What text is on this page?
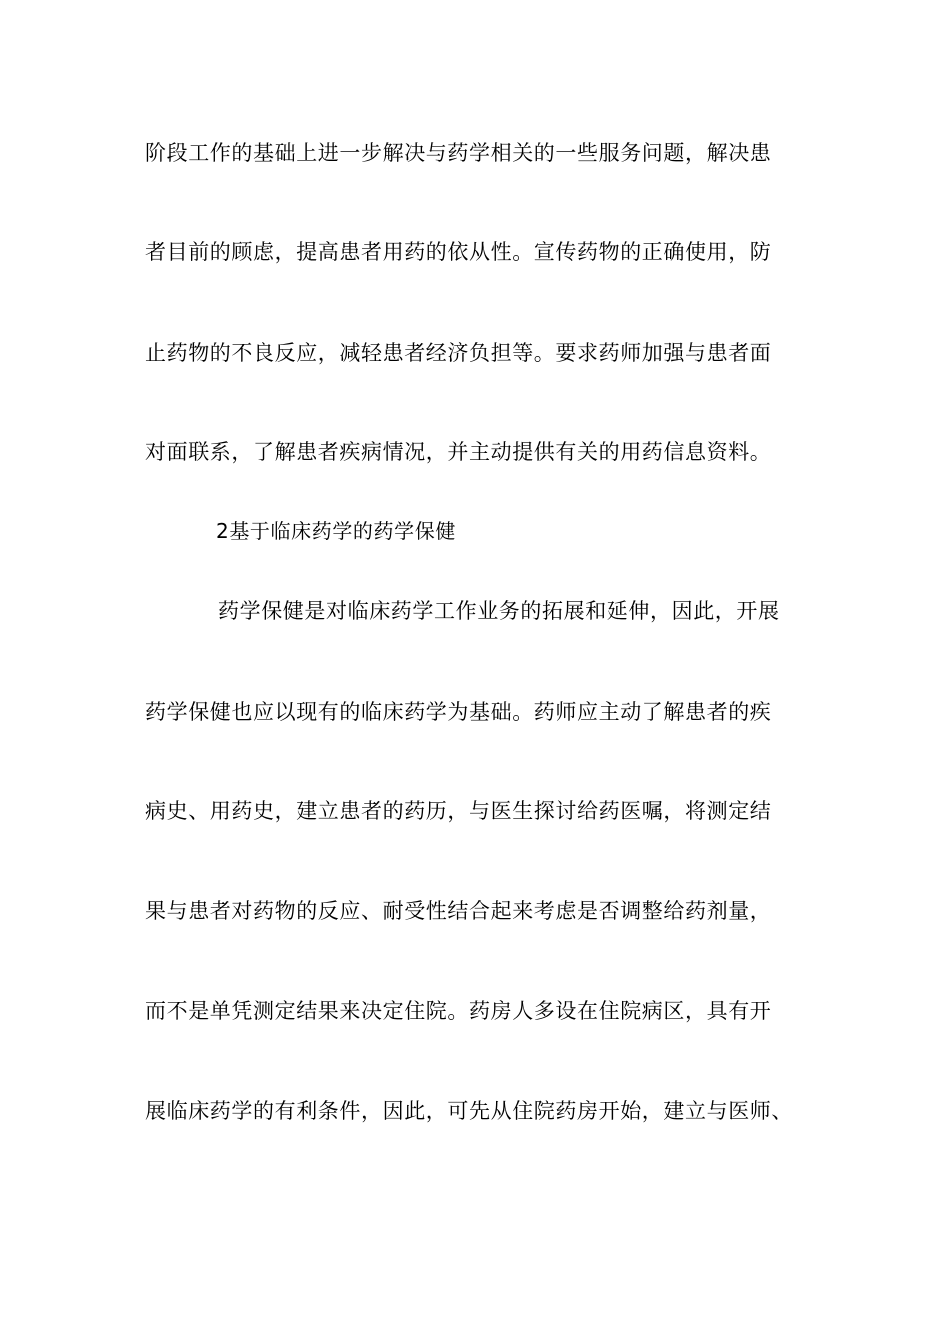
阶段工作的基础上进一步解决与药学相关的一些服务问题，解决患
者目前的顾虑，提高患者用药的依从性。宣传药物的正确使用，防
止药物的不良反应，减轻患者经济负担等。要求药师加强与患者面
对面联系，了解患者疾病情况，并主动提供有关的用药信息资料。
2基于临床药学的药学保健
药学保健是对临床药学工作业务的拓展和延伸，因此，开展
药学保健也应以现有的临床药学为基础。药师应主动了解患者的疾
病史、用药史，建立患者的药历，与医生探讨给药医嘱，将测定结
果与患者对药物的反应、耐受性结合起来考虑是否调整给药剂量，
而不是单凭测定结果来决定住院。药房人多设在住院病区，具有开
展临床药学的有利条件，因此，可先从住院药房开始，建立与医师、
